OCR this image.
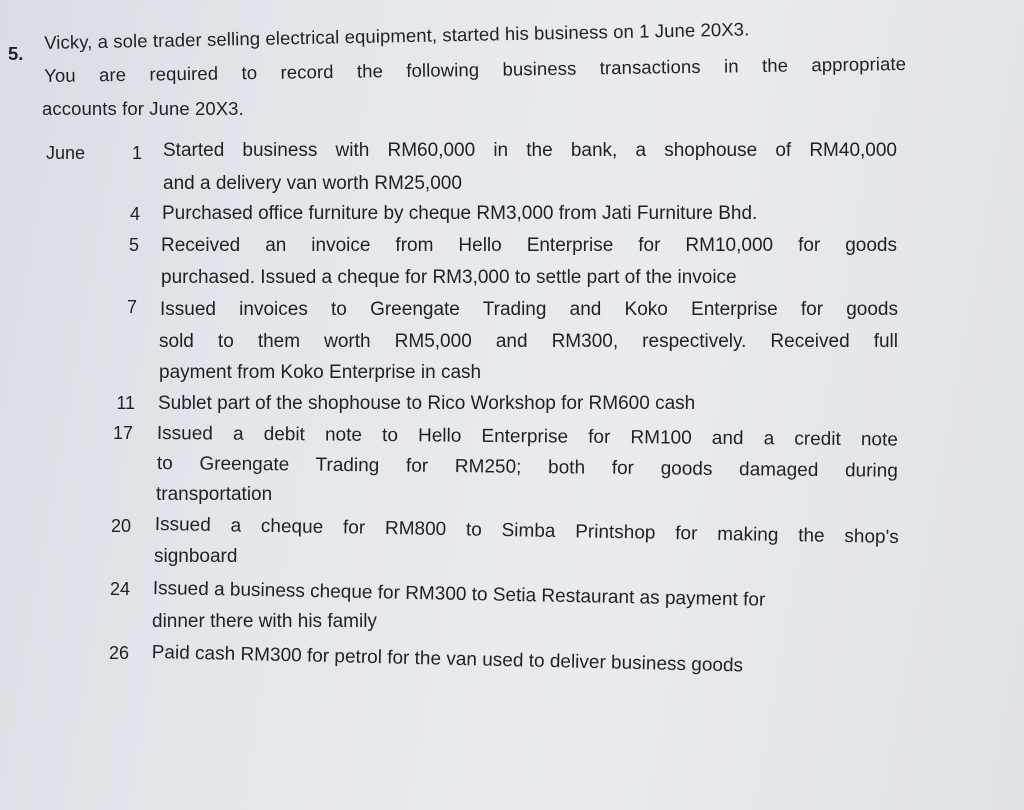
5.
Vicky, a sole trader selling electrical equipment, started his business on 1 June 20X3.
You are required to record the following business transactions in the appropriate
accounts for June 20X3.
June	1 Started business with RM60,000 in the bank, a shophouse of RM40,000
and a delivery van worth RM25,000
4 Purchased office furniture by cheque RM3,000 from Jati Furniture Bhd.
5 Received an invoice from Hello Enterprise for RM10,000 for goods
purchased. Issued a cheque for RM3,000 to settle part of the invoice
7 Issued invoices to Greengate Trading and Koko Enterprise for goods
sold to them worth RM5,000 and RM300, respectively. Received full
payment from Koko Enterprise in cash
11 Sublet part of the shophouse to Rico Workshop for RM600 cash
17 Issued a debit note to Hello Enterprise for RM100 and a credit note
to Greengate Trading for RM250; both for goods damaged during
transportation
20 Issued a cheque for RM800 to Simba Printshop for making the shop's
signboard
24 Issued a business cheque for RM300 to Setia Restaurant as payment for
dinner there with his family
26 Paid cash RM300 for petrol for the van used to deliver business goods
